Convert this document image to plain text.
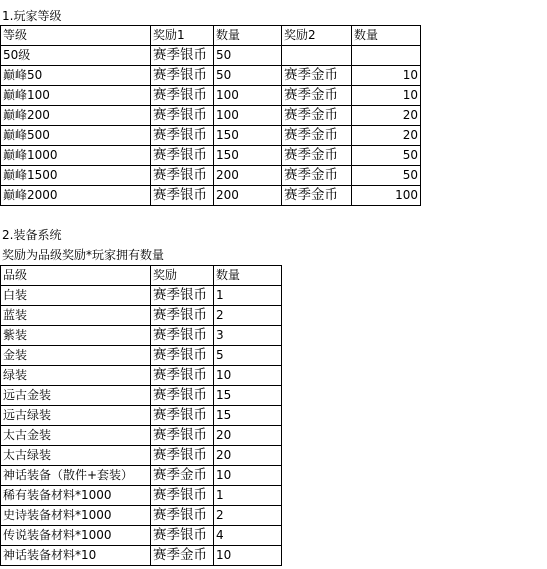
1.玩家等级
等级	奖励1	数量	奖励2	数量
50级	赛季银币	50		
巅峰50	赛季银币	50	赛季金币	10
巅峰100	赛季银币	100	赛季金币	10
巅峰200	赛季银币	100	赛季金币	20
巅峰500	赛季银币	150	赛季金币	20
巅峰1000	赛季银币	150	赛季金币	50
巅峰1500	赛季银币	200	赛季金币	50
巅峰2000	赛季银币	200	赛季金币	100
2.装备系统
奖励为品级奖励*玩家拥有数量
品级	奖励	数量
白装	赛季银币	1
蓝装	赛季银币	2
紫装	赛季银币	3
金装	赛季银币	5
绿装	赛季银币	10
远古金装	赛季银币	15
远古绿装	赛季银币	15
太古金装	赛季银币	20
太古绿装	赛季银币	20
神话装备（散件+套装）	赛季金币	10
稀有装备材料*1000	赛季银币	1
史诗装备材料*1000	赛季银币	2
传说装备材料*1000	赛季银币	4
神话装备材料*10	赛季金币	10
